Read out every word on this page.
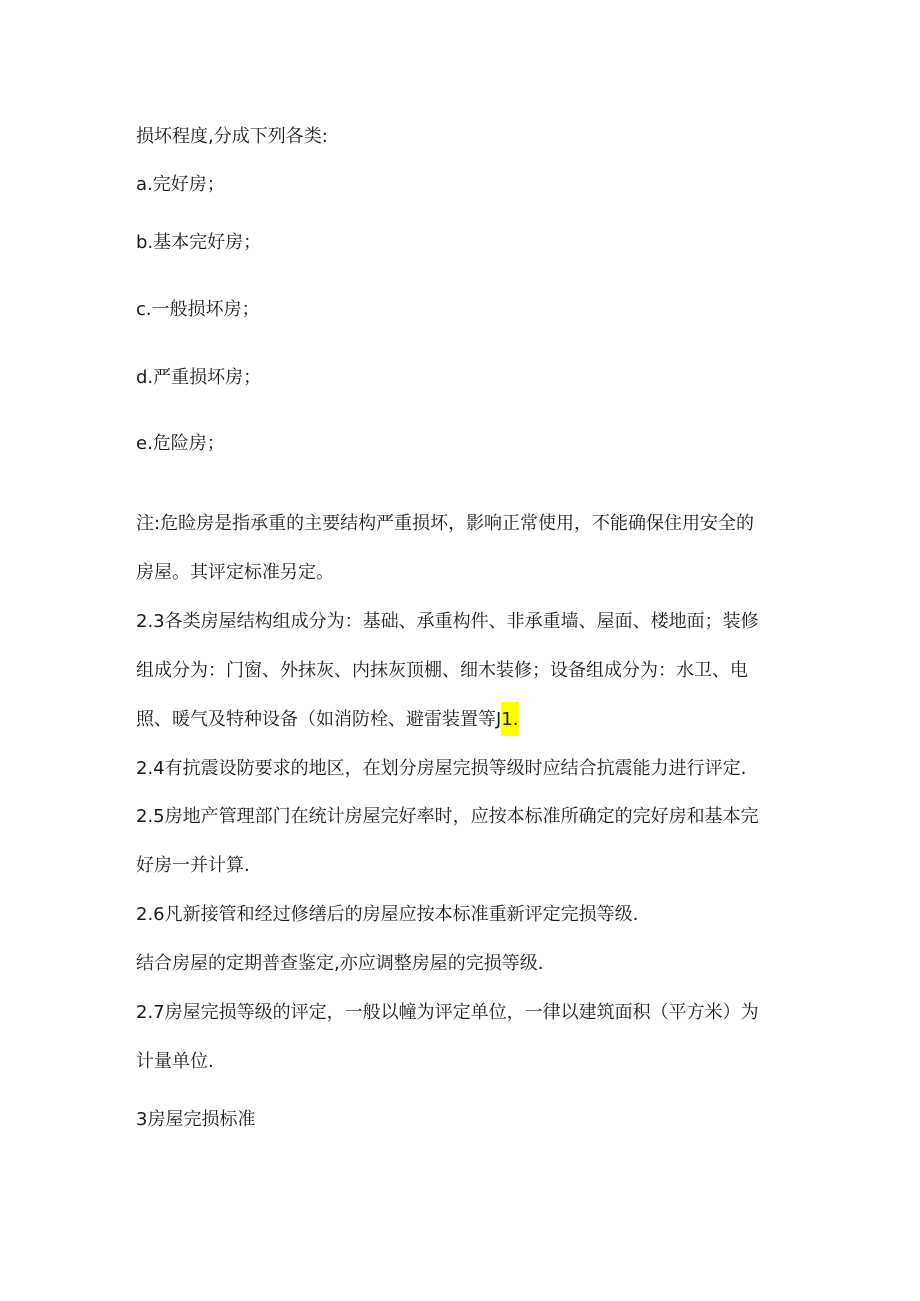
损坏程度,分成下列各类:
a.完好房；
b.基本完好房；
c.一般损坏房；
d.严重损坏房；
e.危险房；
注:危睑房是指承重的主要结构严重损坏，影响正常使用，不能确保住用安全的
房屋。其评定标准另定。
2.3各类房屋结构组成分为：基础、承重构件、非承重墙、屋面、楼地面；装修
组成分为：门窗、外抹灰、内抹灰顶棚、细木装修；设备组成分为：水卫、电
照、暖气及特种设备（如消防栓、避雷装置等J1.
2.4有抗震设防要求的地区，在划分房屋完损等级时应结合抗震能力进行评定.
2.5房地产管理部门在统计房屋完好率时，应按本标准所确定的完好房和基本完
好房一并计算.
2.6凡新接管和经过修缮后的房屋应按本标准重新评定完损等级.
结合房屋的定期普查鉴定,亦应调整房屋的完损等级.
2.7房屋完损等级的评定，一般以幢为评定单位，一律以建筑面积（平方米）为
计量单位.
3房屋完损标准
